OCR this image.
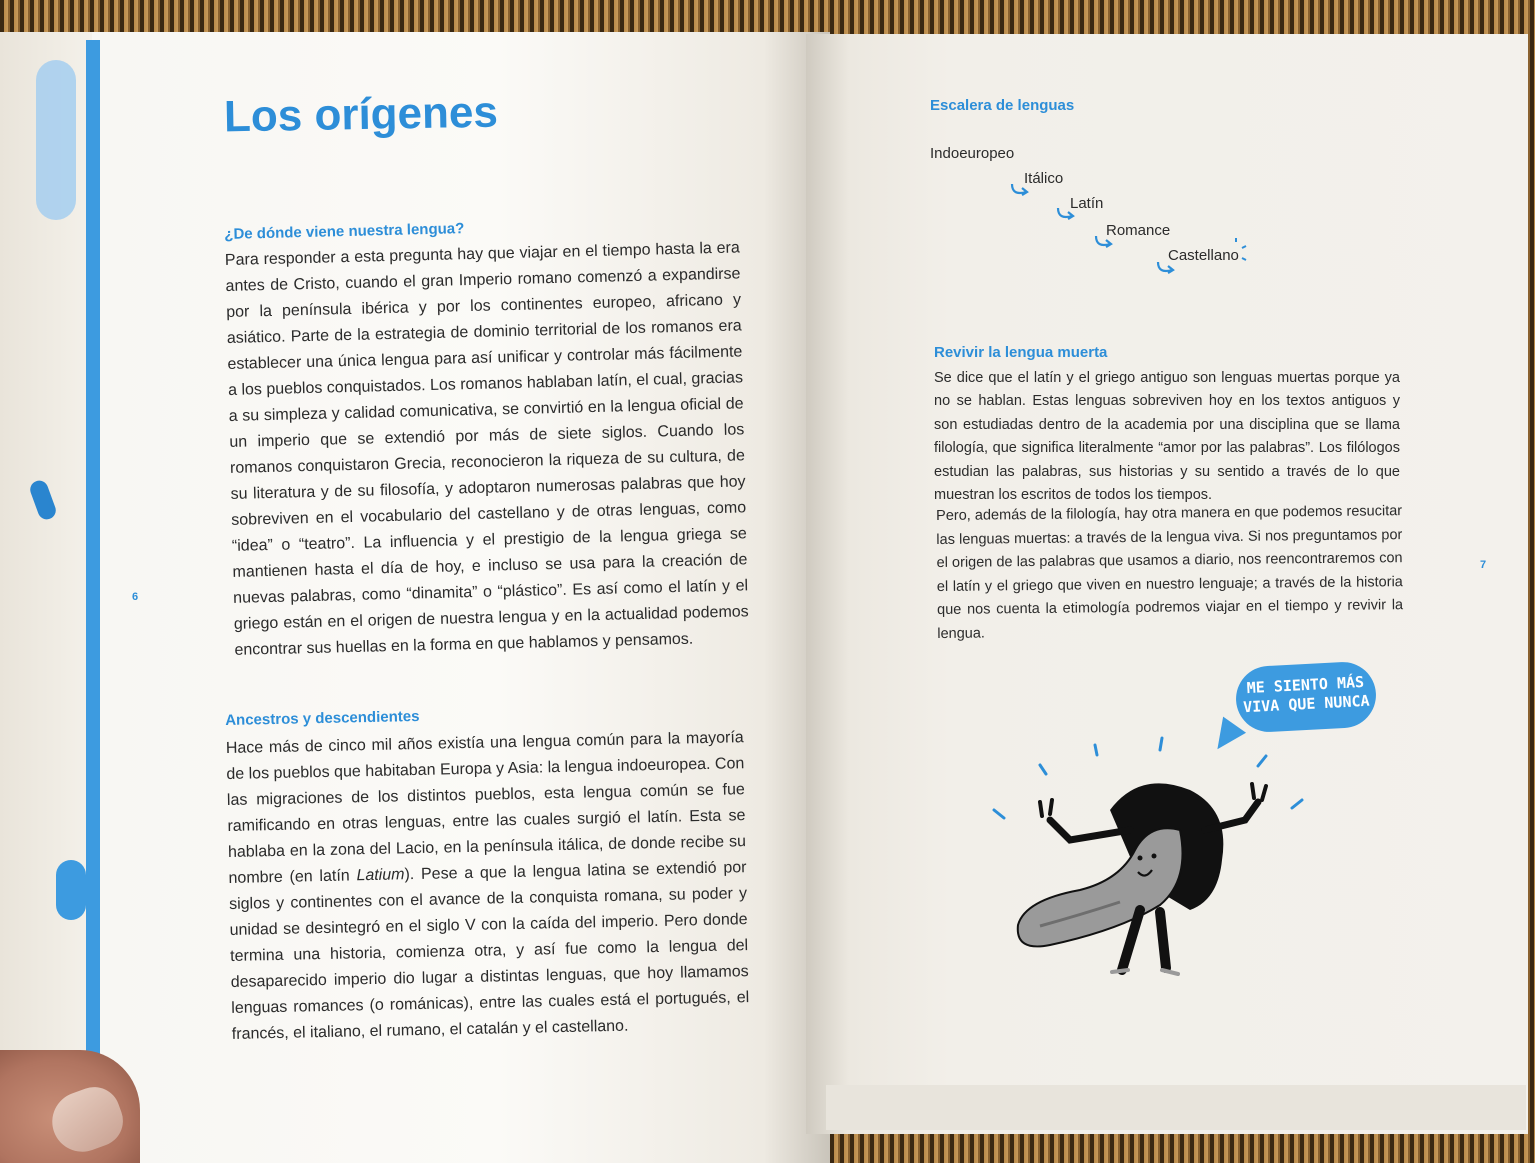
Los orígenes
¿De dónde viene nuestra lengua?
Para responder a esta pregunta hay que viajar en el tiempo hasta la era antes de Cristo, cuando el gran Imperio romano comenzó a expandirse por la península ibérica y por los continentes europeo, africano y asiático. Parte de la estrategia de dominio territorial de los romanos era establecer una única lengua para así unificar y controlar más fácilmente a los pueblos conquistados. Los romanos hablaban latín, el cual, gracias a su simpleza y calidad comunicativa, se convirtió en la lengua oficial de un imperio que se extendió por más de siete siglos. Cuando los romanos conquistaron Grecia, reconocieron la riqueza de su cultura, de su literatura y de su filosofía, y adoptaron numerosas palabras que hoy sobreviven en el vocabulario del castellano y de otras lenguas, como “idea” o “teatro”. La influencia y el prestigio de la lengua griega se mantienen hasta el día de hoy, e incluso se usa para la creación de nuevas palabras, como “dinamita” o “plástico”. Es así como el latín y el griego están en el origen de nuestra lengua y en la actualidad podemos encontrar sus huellas en la forma en que hablamos y pensamos.
Ancestros y descendientes
Hace más de cinco mil años existía una lengua común para la mayoría de los pueblos que habitaban Europa y Asia: la lengua indoeuropea. Con las migraciones de los distintos pueblos, esta lengua común se fue ramificando en otras lenguas, entre las cuales surgió el latín. Esta se hablaba en la zona del Lacio, en la península itálica, de donde recibe su nombre (en latín Latium). Pese a que la lengua latina se extendió por siglos y continentes con el avance de la conquista romana, su poder y unidad se desintegró en el siglo V con la caída del imperio. Pero donde termina una historia, comienza otra, y así fue como la lengua del desaparecido imperio dio lugar a distintas lenguas, que hoy llamamos lenguas romances (o románicas), entre las cuales está el portugués, el francés, el italiano, el rumano, el catalán y el castellano.
6
Escalera de lenguas
Indoeuropeo
Itálico
Latín
Romance
Castellano
Revivir la lengua muerta
Se dice que el latín y el griego antiguo son lenguas muertas porque ya no se hablan. Estas lenguas sobreviven hoy en los textos antiguos y son estudiadas dentro de la academia por una disciplina que se llama filología, que significa literalmente “amor por las palabras”. Los filólogos estudian las palabras, sus historias y su sentido a través de lo que muestran los escritos de todos los tiempos.
Pero, además de la filología, hay otra manera en que podemos resucitar las lenguas muertas: a través de la lengua viva. Si nos preguntamos por el origen de las palabras que usamos a diario, nos reencontraremos con el latín y el griego que viven en nuestro lenguaje; a través de la historia que nos cuenta la etimología podremos viajar en el tiempo y revivir la lengua.
7
ME SIENTO MÁS
VIVA QUE NUNCA
